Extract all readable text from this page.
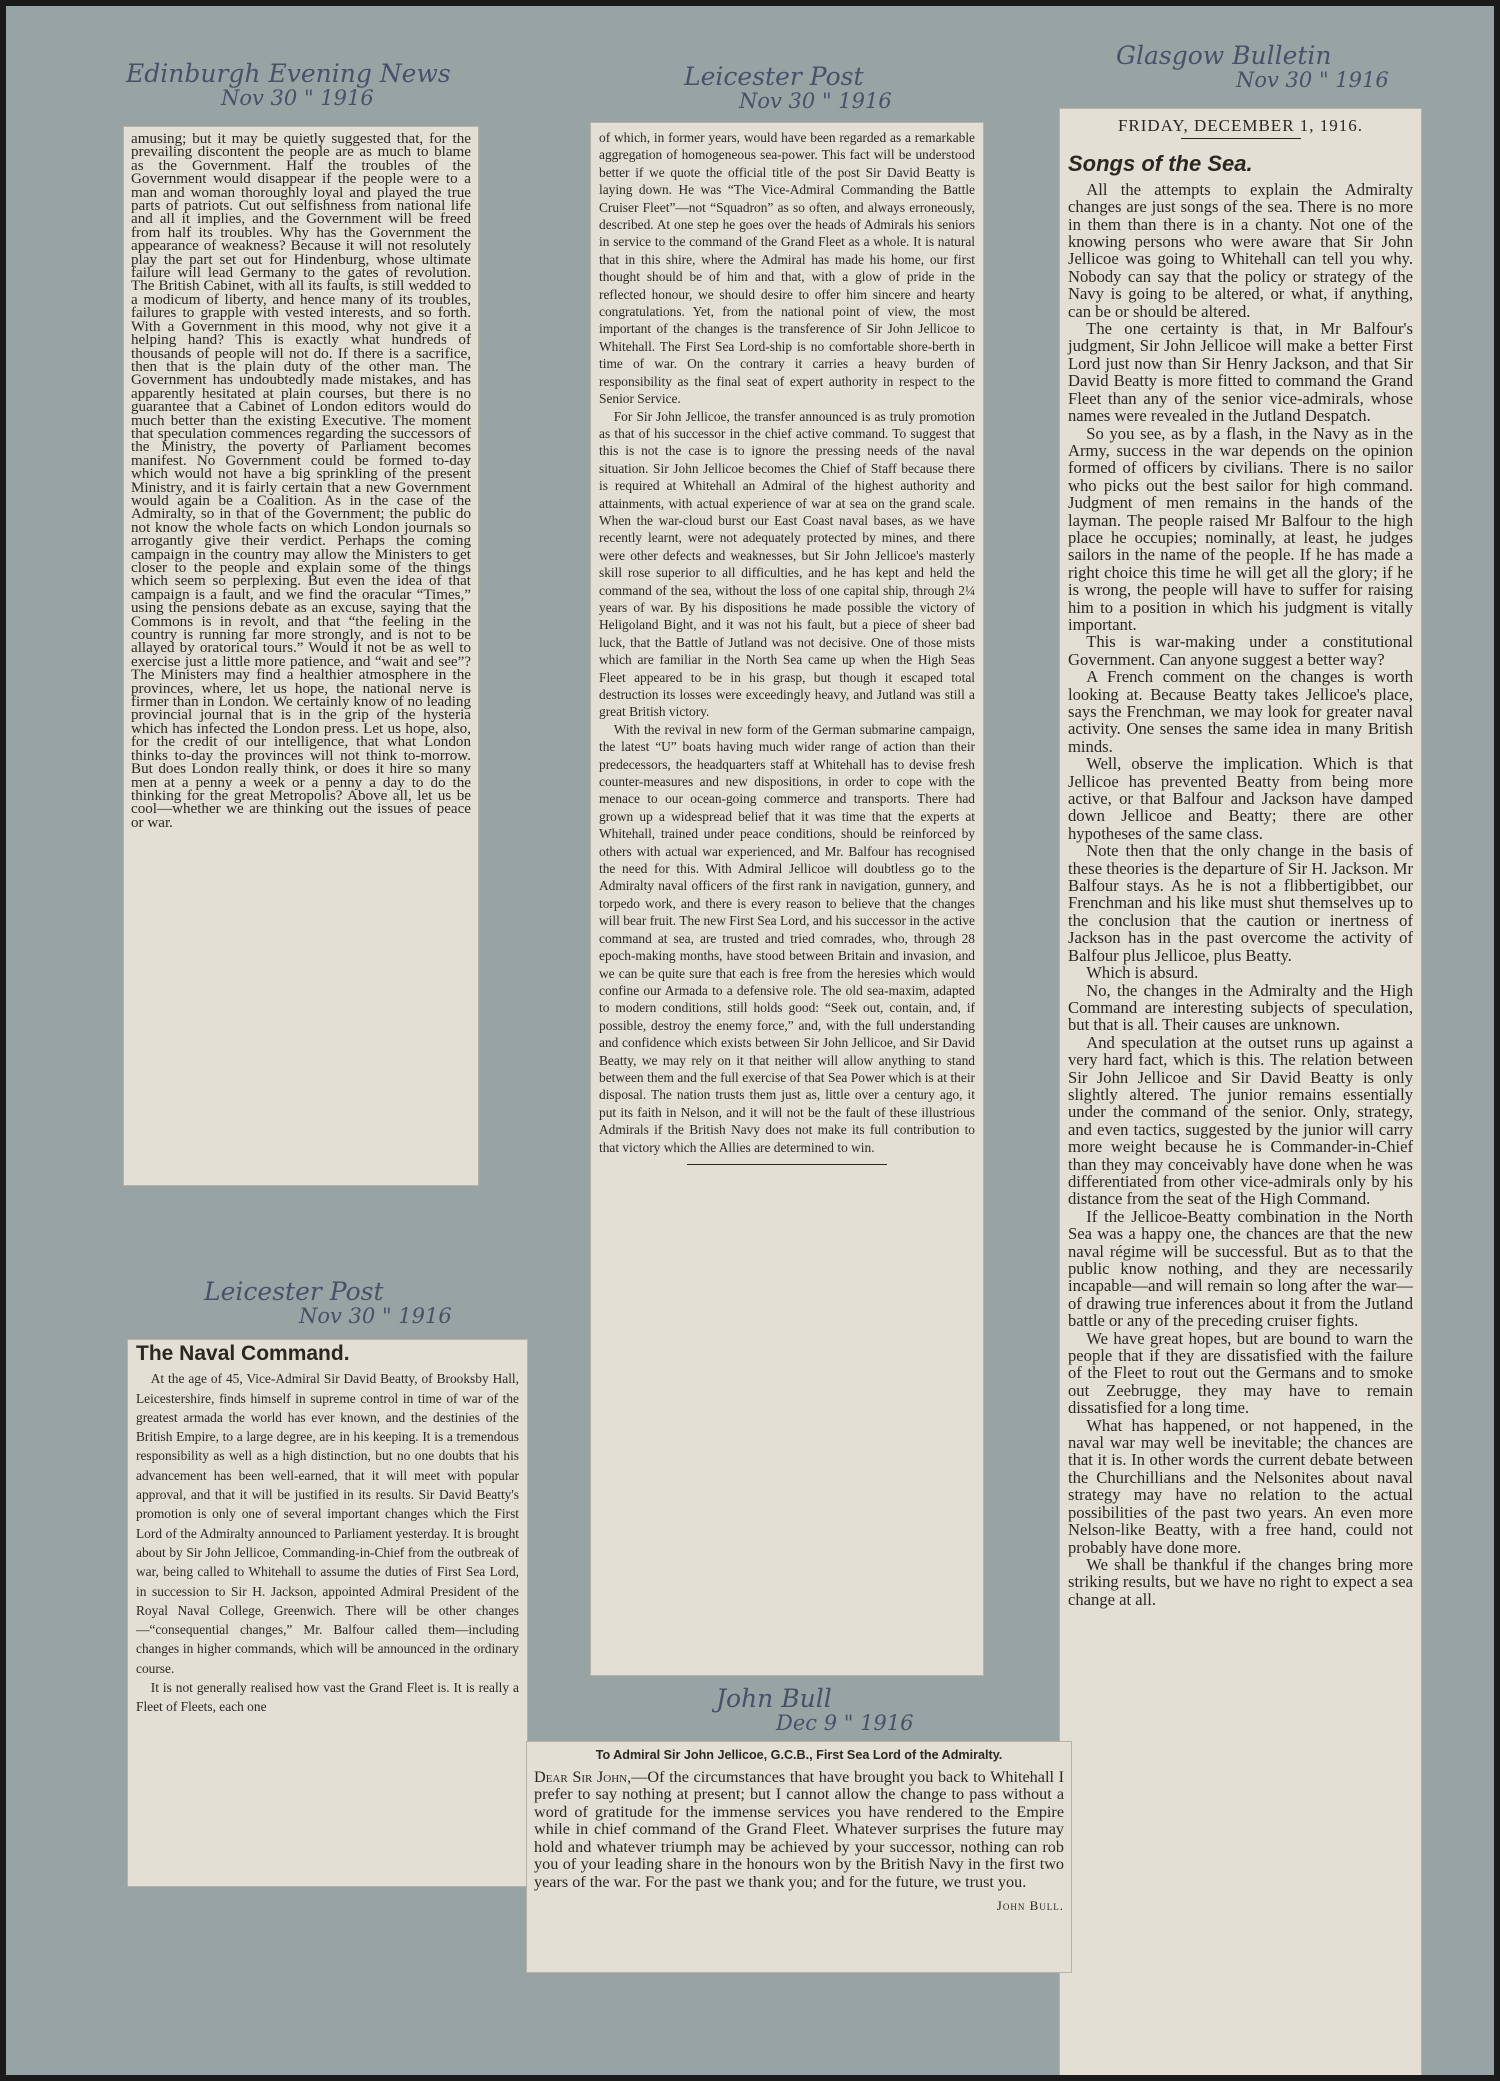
Edinburgh Evening News
Nov 30 " 1916
Leicester Post
Nov 30 " 1916
Glasgow Bulletin
Nov 30 " 1916
Leicester Post
Nov 30 " 1916
John Bull
Dec 9 " 1916

amusing; but it may be quietly suggested that, for the prevailing discontent the people are as much to blame as the Government. Half the troubles of the Government would disappear if the people were to a man and woman thoroughly loyal and played the true parts of patriots. Cut out selfishness from national life and all it implies, and the Government will be freed from half its troubles. Why has the Government the appearance of weakness? Because it will not resolutely play the part set out for Hindenburg, whose ultimate failure will lead Germany to the gates of revolution. The British Cabinet, with all its faults, is still wedded to a modicum of liberty, and hence many of its troubles, failures to grapple with vested interests, and so forth. With a Government in this mood, why not give it a helping hand? This is exactly what hundreds of thousands of people will not do. If there is a sacrifice, then that is the plain duty of the other man. The Government has undoubtedly made mistakes, and has apparently hesitated at plain courses, but there is no guarantee that a Cabinet of London editors would do much better than the existing Executive. The moment that speculation commences regarding the successors of the Ministry, the poverty of Parliament becomes manifest. No Government could be formed to-day which would not have a big sprinkling of the present Ministry, and it is fairly certain that a new Government would again be a Coalition. As in the case of the Admiralty, so in that of the Government; the public do not know the whole facts on which London journals so arrogantly give their verdict. Perhaps the coming campaign in the country may allow the Ministers to get closer to the people and explain some of the things which seem so perplexing. But even the idea of that campaign is a fault, and we find the oracular “Times,” using the pensions debate as an excuse, saying that the Commons is in revolt, and that “the feeling in the country is running far more strongly, and is not to be allayed by oratorical tours.” Would it not be as well to exercise just a little more patience, and “wait and see”? The Ministers may find a healthier atmosphere in the provinces, where, let us hope, the national nerve is firmer than in London. We certainly know of no leading provincial journal that is in the grip of the hysteria which has infected the London press. Let us hope, also, for the credit of our intelligence, that what London thinks to-day the provinces will not think to-morrow. But does London really think, or does it hire so many men at a penny a week or a penny a day to do the thinking for the great Metropolis? Above all, let us be cool—whether we are thinking out the issues of peace or war.

of which, in former years, would have been regarded as a remarkable aggregation of homogeneous sea-power. This fact will be understood better if we quote the official title of the post Sir David Beatty is laying down. He was “The Vice-Admiral Commanding the Battle Cruiser Fleet”—not “Squadron” as so often, and always erroneously, described. At one step he goes over the heads of Admirals his seniors in service to the command of the Grand Fleet as a whole. It is natural that in this shire, where the Admiral has made his home, our first thought should be of him and that, with a glow of pride in the reflected honour, we should desire to offer him sincere and hearty congratulations. Yet, from the national point of view, the most important of the changes is the transference of Sir John Jellicoe to Whitehall. The First Sea Lord-ship is no comfortable shore-berth in time of war. On the contrary it carries a heavy burden of responsibility as the final seat of expert authority in respect to the Senior Service.

For Sir John Jellicoe, the transfer announced is as truly promotion as that of his successor in the chief active command. To suggest that this is not the case is to ignore the pressing needs of the naval situation. Sir John Jellicoe becomes the Chief of Staff because there is required at Whitehall an Admiral of the highest authority and attainments, with actual experience of war at sea on the grand scale. When the war-cloud burst our East Coast naval bases, as we have recently learnt, were not adequately protected by mines, and there were other defects and weaknesses, but Sir John Jellicoe's masterly skill rose superior to all difficulties, and he has kept and held the command of the sea, without the loss of one capital ship, through 2¼ years of war. By his dispositions he made possible the victory of Heligoland Bight, and it was not his fault, but a piece of sheer bad luck, that the Battle of Jutland was not decisive. One of those mists which are familiar in the North Sea came up when the High Seas Fleet appeared to be in his grasp, but though it escaped total destruction its losses were exceedingly heavy, and Jutland was still a great British victory.

With the revival in new form of the German submarine campaign, the latest “U” boats having much wider range of action than their predecessors, the headquarters staff at Whitehall has to devise fresh counter-measures and new dispositions, in order to cope with the menace to our ocean-going commerce and transports. There had grown up a widespread belief that it was time that the experts at Whitehall, trained under peace conditions, should be reinforced by others with actual war experienced, and Mr. Balfour has recognised the need for this. With Admiral Jellicoe will doubtless go to the Admiralty naval officers of the first rank in navigation, gunnery, and torpedo work, and there is every reason to believe that the changes will bear fruit. The new First Sea Lord, and his successor in the active command at sea, are trusted and tried comrades, who, through 28 epoch-making months, have stood between Britain and invasion, and we can be quite sure that each is free from the heresies which would confine our Armada to a defensive role. The old sea-maxim, adapted to modern conditions, still holds good: “Seek out, contain, and, if possible, destroy the enemy force,” and, with the full understanding and confidence which exists between Sir John Jellicoe, and Sir David Beatty, we may rely on it that neither will allow anything to stand between them and the full exercise of that Sea Power which is at their disposal. The nation trusts them just as, little over a century ago, it put its faith in Nelson, and it will not be the fault of these illustrious Admirals if the British Navy does not make its full contribution to that victory which the Allies are determined to win.

FRIDAY, DECEMBER 1, 1916.
Songs of the Sea.

All the attempts to explain the Admiralty changes are just songs of the sea. There is no more in them than there is in a chanty. Not one of the knowing persons who were aware that Sir John Jellicoe was going to Whitehall can tell you why. Nobody can say that the policy or strategy of the Navy is going to be altered, or what, if anything, can be or should be altered.

The one certainty is that, in Mr Balfour's judgment, Sir John Jellicoe will make a better First Lord just now than Sir Henry Jackson, and that Sir David Beatty is more fitted to command the Grand Fleet than any of the senior vice-admirals, whose names were revealed in the Jutland Despatch.

So you see, as by a flash, in the Navy as in the Army, success in the war depends on the opinion formed of officers by civilians. There is no sailor who picks out the best sailor for high command. Judgment of men remains in the hands of the layman. The people raised Mr Balfour to the high place he occupies; nominally, at least, he judges sailors in the name of the people. If he has made a right choice this time he will get all the glory; if he is wrong, the people will have to suffer for raising him to a position in which his judgment is vitally important.

This is war-making under a constitutional Government. Can anyone suggest a better way?

A French comment on the changes is worth looking at. Because Beatty takes Jellicoe's place, says the Frenchman, we may look for greater naval activity. One senses the same idea in many British minds.

Well, observe the implication. Which is that Jellicoe has prevented Beatty from being more active, or that Balfour and Jackson have damped down Jellicoe and Beatty; there are other hypotheses of the same class.

Note then that the only change in the basis of these theories is the departure of Sir H. Jackson. Mr Balfour stays. As he is not a flibbertigibbet, our Frenchman and his like must shut themselves up to the conclusion that the caution or inertness of Jackson has in the past overcome the activity of Balfour plus Jellicoe, plus Beatty.

Which is absurd.

No, the changes in the Admiralty and the High Command are interesting subjects of speculation, but that is all. Their causes are unknown.

And speculation at the outset runs up against a very hard fact, which is this. The relation between Sir John Jellicoe and Sir David Beatty is only slightly altered. The junior remains essentially under the command of the senior. Only, strategy, and even tactics, suggested by the junior will carry more weight because he is Commander-in-Chief than they may conceivably have done when he was differentiated from other vice-admirals only by his distance from the seat of the High Command.

If the Jellicoe-Beatty combination in the North Sea was a happy one, the chances are that the new naval régime will be successful. But as to that the public know nothing, and they are necessarily incapable—and will remain so long after the war—of drawing true inferences about it from the Jutland battle or any of the preceding cruiser fights.

We have great hopes, but are bound to warn the people that if they are dissatisfied with the failure of the Fleet to rout out the Germans and to smoke out Zeebrugge, they may have to remain dissatisfied for a long time.

What has happened, or not happened, in the naval war may well be inevitable; the chances are that it is. In other words the current debate between the Churchillians and the Nelsonites about naval strategy may have no relation to the actual possibilities of the past two years. An even more Nelson-like Beatty, with a free hand, could not probably have done more.

We shall be thankful if the changes bring more striking results, but we have no right to expect a sea change at all.

The Naval Command.

At the age of 45, Vice-Admiral Sir David Beatty, of Brooksby Hall, Leicestershire, finds himself in supreme control in time of war of the greatest armada the world has ever known, and the destinies of the British Empire, to a large degree, are in his keeping. It is a tremendous responsibility as well as a high distinction, but no one doubts that his advancement has been well-earned, that it will meet with popular approval, and that it will be justified in its results. Sir David Beatty's promotion is only one of several important changes which the First Lord of the Admiralty announced to Parliament yesterday. It is brought about by Sir John Jellicoe, Commanding-in-Chief from the outbreak of war, being called to Whitehall to assume the duties of First Sea Lord, in succession to Sir H. Jackson, appointed Admiral President of the Royal Naval College, Greenwich. There will be other changes—“consequential changes,” Mr. Balfour called them—including changes in higher commands, which will be announced in the ordinary course.

It is not generally realised how vast the Grand Fleet is. It is really a Fleet of Fleets, each one

To Admiral Sir John Jellicoe, G.C.B., First Sea Lord of the Admiralty.

Dear Sir John,—Of the circumstances that have brought you back to Whitehall I prefer to say nothing at present; but I cannot allow the change to pass without a word of gratitude for the immense services you have rendered to the Empire while in chief command of the Grand Fleet. Whatever surprises the future may hold and whatever triumph may be achieved by your successor, nothing can rob you of your leading share in the honours won by the British Navy in the first two years of the war. For the past we thank you; and for the future, we trust you.

John Bull.
